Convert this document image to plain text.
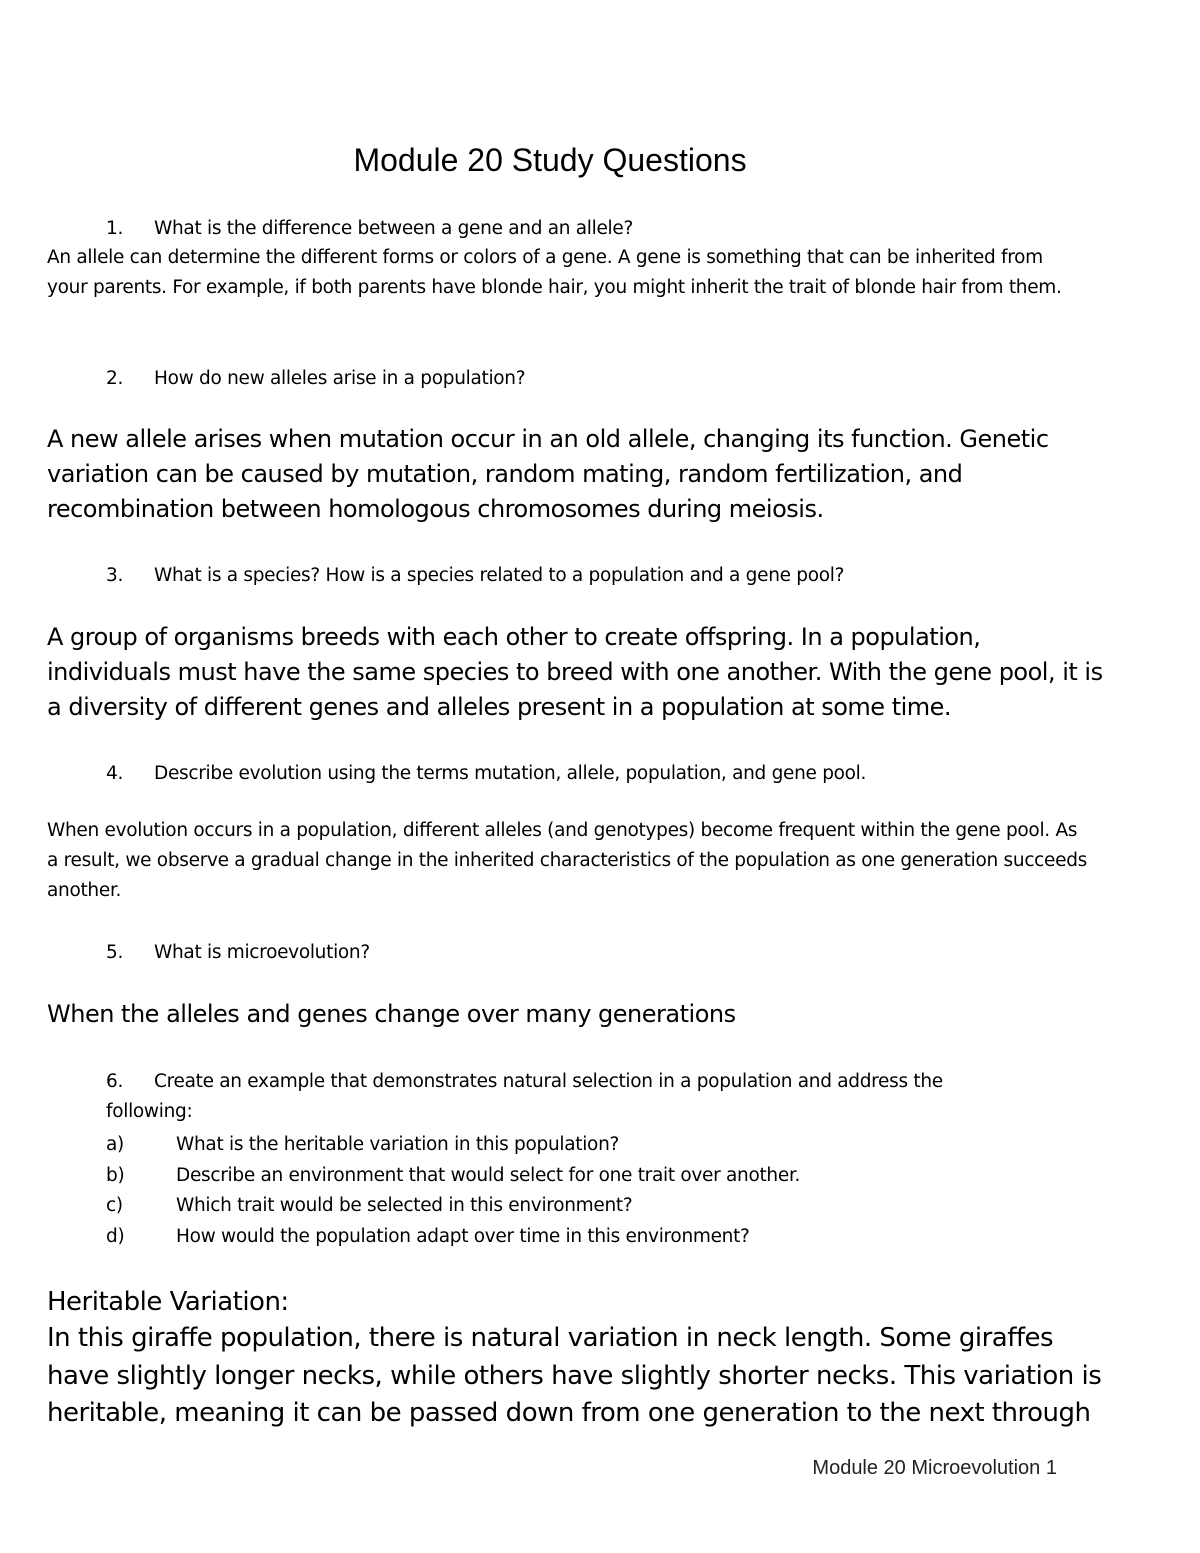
Module 20 Study Questions
1. What is the difference between a gene and an allele?
An allele can determine the different forms or colors of a gene. A gene is something that can be inherited from your parents. For example, if both parents have blonde hair, you might inherit the trait of blonde hair from them.
2. How do new alleles arise in a population?
A new allele arises when mutation occur in an old allele, changing its function. Genetic variation can be caused by mutation, random mating, random fertilization, and recombination between homologous chromosomes during meiosis.
3. What is a species? How is a species related to a population and a gene pool?
A group of organisms breeds with each other to create offspring. In a population, individuals must have the same species to breed with one another. With the gene pool, it is a diversity of different genes and alleles present in a population at some time.
4. Describe evolution using the terms mutation, allele, population, and gene pool.
When evolution occurs in a population, different alleles (and genotypes) become frequent within the gene pool. As a result, we observe a gradual change in the inherited characteristics of the population as one generation succeeds another.
5. What is microevolution?
When the alleles and genes change over many generations
6. Create an example that demonstrates natural selection in a population and address the following:
a)	What is the heritable variation in this population?
b)	Describe an environment that would select for one trait over another.
c)	Which trait would be selected in this environment?
d)	How would the population adapt over time in this environment?
Heritable Variation:
In this giraffe population, there is natural variation in neck length. Some giraffes have slightly longer necks, while others have slightly shorter necks. This variation is heritable, meaning it can be passed down from one generation to the next through
Module 20 Microevolution 1
